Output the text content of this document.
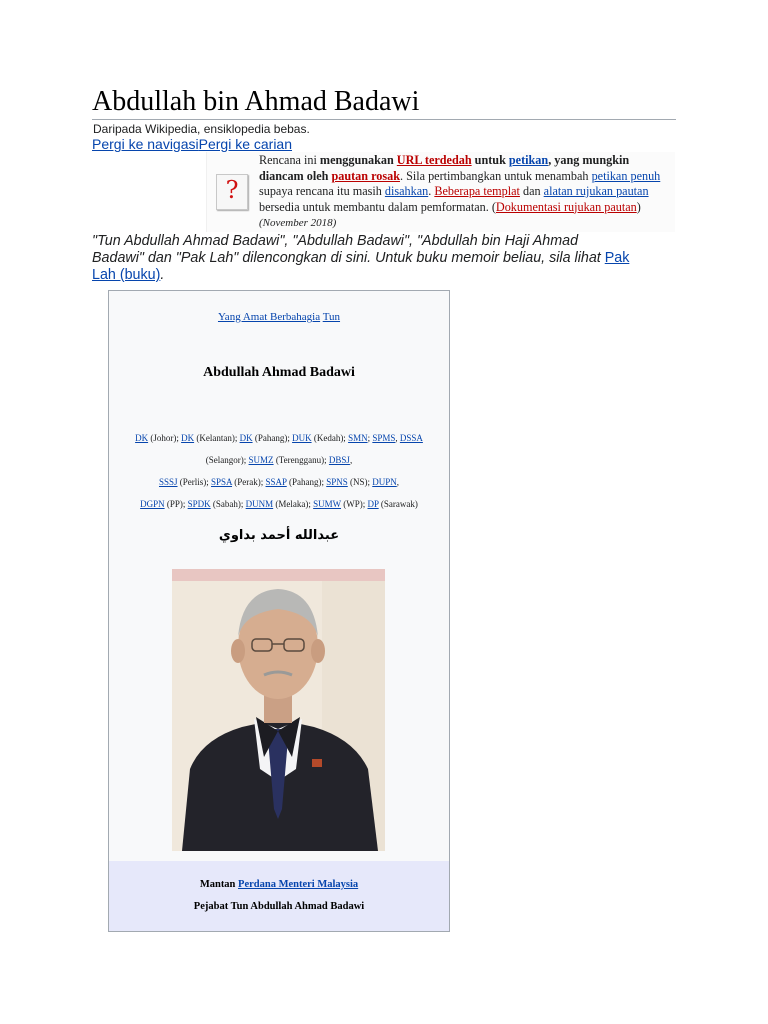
Abdullah bin Ahmad Badawi
Daripada Wikipedia, ensiklopedia bebas.
Pergi ke navigasiPergi ke carian
?
Rencana ini menggunakan URL terdedah untuk petikan, yang mungkin diancam oleh pautan rosak. Sila pertimbangkan untuk menambah petikan penuh supaya rencana itu masih disahkan. Beberapa templat dan alatan rujukan pautan bersedia untuk membantu dalam pemformatan. (Dokumentasi rujukan pautan) (November 2018)
"Tun Abdullah Ahmad Badawi", "Abdullah Badawi", "Abdullah bin Haji Ahmad Badawi" dan "Pak Lah" dilencongkan di sini. Untuk buku memoir beliau, sila lihat Pak Lah (buku).
Yang Amat Berbahagia Tun
Abdullah Ahmad Badawi
DK (Johor); DK (Kelantan); DK (Pahang); DUK (Kedah); SMN; SPMS, DSSA
(Selangor); SUMZ (Terengganu); DBSJ,
SSSJ (Perlis); SPSA (Perak); SSAP (Pahang); SPNS (NS); DUPN,
DGPN (PP); SPDK (Sabah); DUNM (Melaka); SUMW (WP); DP (Sarawak)
عبدالله أحمد بداوي
Mantan Perdana Menteri Malaysia
Pejabat Tun Abdullah Ahmad Badawi
